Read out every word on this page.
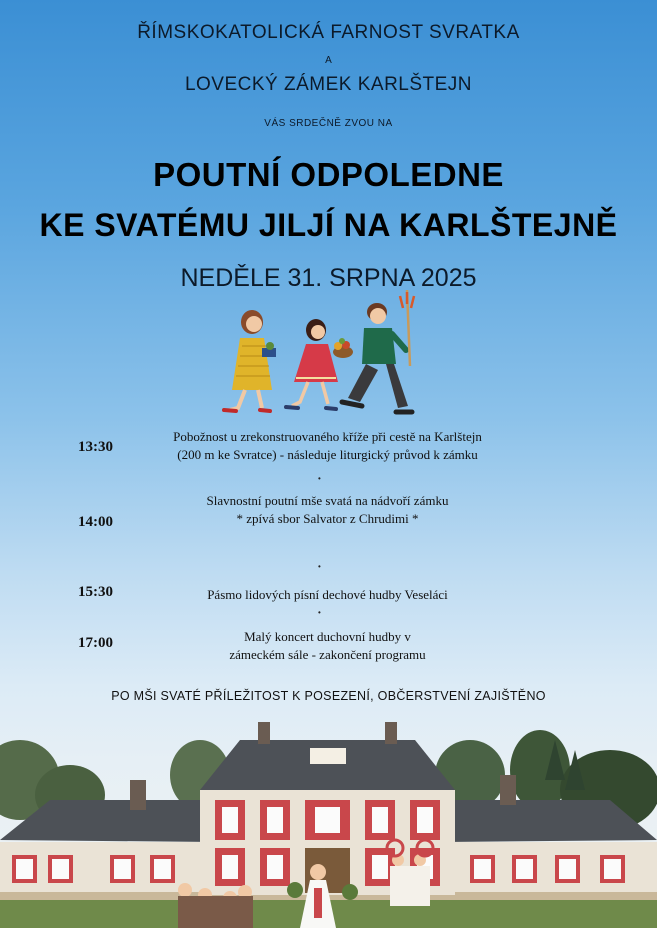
ŘÍMSKOKATOLICKÁ FARNOST SVRATKA
A
LOVECKÝ ZÁMEK KARLŠTEJN
VÁS SRDEČNĚ ZVOU NA
POUTNÍ ODPOLEDNE
KE SVATÉMU JILJÍ NA KARLŠTEJNĚ
NEDĚLE 31. SRPNA 2025
13:30
Pobožnost u zrekonstruovaného kříže při cestě na Karlštejn
(200 m ke Svratce) - následuje liturgický průvod k zámku
•
14:00
Slavnostní poutní mše svatá na nádvoří zámku
* zpívá sbor Salvator z Chrudimi *
•
15:30	Pásmo lidových písní dechové hudby Veseláci
•
17:00	Malý koncert duchovní hudby v
zámeckém sále - zakončení programu
PO MŠI SVATÉ PŘÍLEŽITOST K POSEZENÍ, OBČERSTVENÍ ZAJIŠTĚNO
